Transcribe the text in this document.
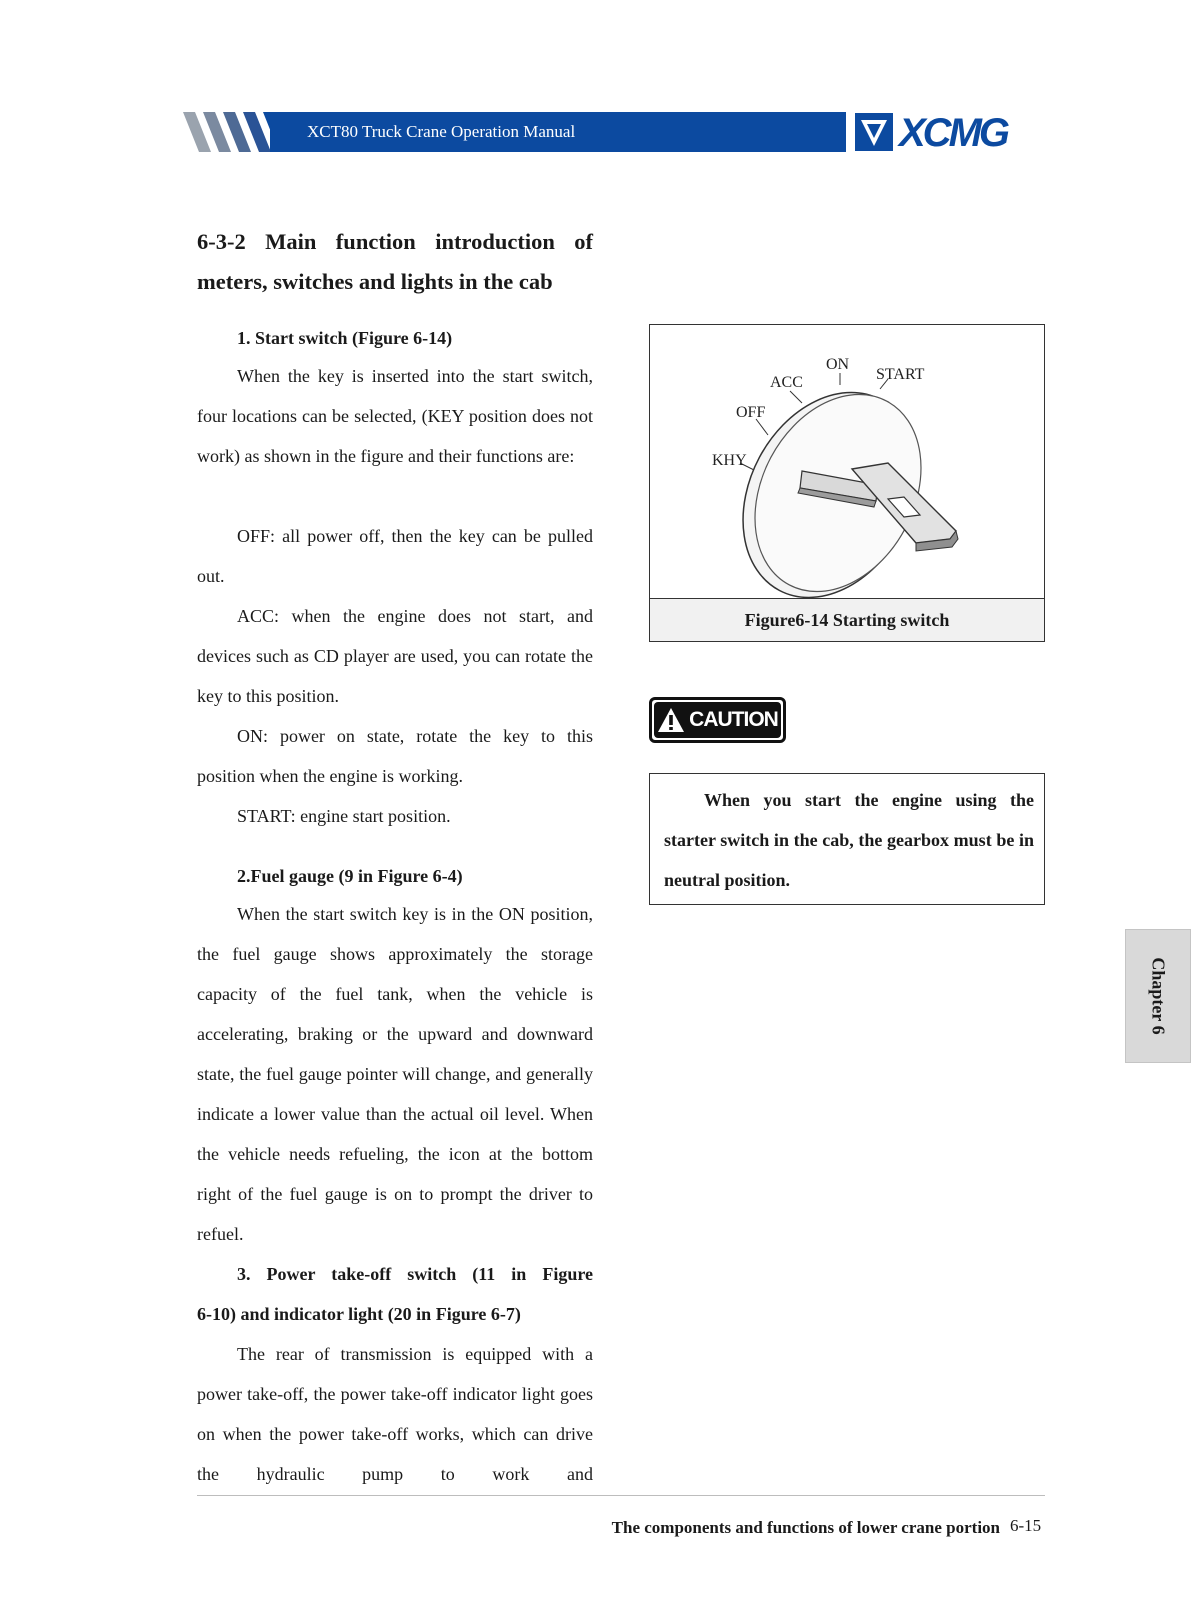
XCT80 Truck Crane Operation Manual	XCMG
6-3-2 Main function introduction of
meters, switches and lights in the cab
1. Start switch (Figure 6-14)

When the key is inserted into the start switch, four locations can be selected, (KEY position does not work) as shown in the figure and their functions are:

OFF: all power off, then the key can be pulled out.

ACC: when the engine does not start, and devices such as CD player are used, you can rotate the key to this position.

ON: power on state, rotate the key to this position when the engine is working.

START: engine start position.

2.Fuel gauge (9 in Figure 6-4)

When the start switch key is in the ON position, the fuel gauge shows approximately the storage capacity of the fuel tank, when the vehicle is accelerating, braking or the upward and downward state, the fuel gauge pointer will change, and generally indicate a lower value than the actual oil level. When the vehicle needs refueling, the icon at the bottom right of the fuel gauge is on to prompt the driver to refuel.

3. Power take-off switch (11 in Figure
6-10) and indicator light (20 in Figure 6-7)

The rear of transmission is equipped with a power take-off, the power take-off indicator light goes on when the power take-off works, which can drive the hydraulic pump to work and

KHY
OFF
ACC
ON
START
Figure6-14 Starting switch
CAUTION

When you start the engine using the starter switch in the cab, the gearbox must be in neutral position.

Chapter 6
The components and functions of lower crane portion 6-15
